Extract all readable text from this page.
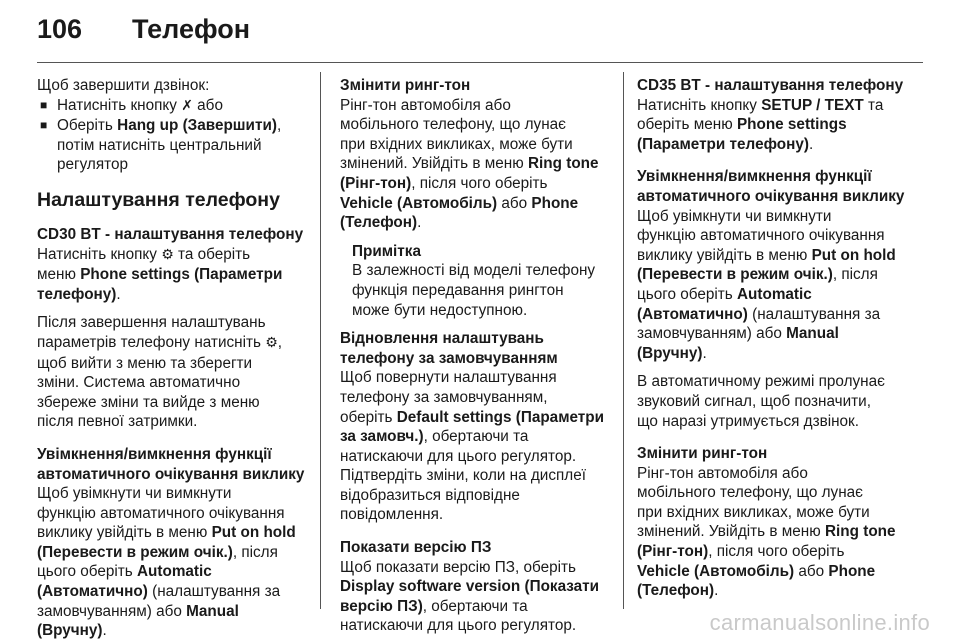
106 Телефон

Щоб завершити дзвінок:

■ Натисніть кнопку ✗ або

■ Оберіть Hang up (Завершити),
потім натисніть центральний
регулятор

Налаштування телефону

CD30 BT - налаштування телефону

Натисніть кнопку ⚙ та оберіть
меню Phone settings (Параметри
телефону).

Після завершення налаштувань
параметрів телефону натисніть ⚙,
щоб вийти з меню та зберегти
зміни. Система автоматично
збереже зміни та вийде з меню
після певної затримки.

Увімкнення/вимкнення функції
автоматичного очікування виклику

Щоб увімкнути чи вимкнути
функцію автоматичного очікування
виклику увійдіть в меню Put on hold
(Перевести в режим очік.), після
цього оберіть Automatic
(Автоматично) (налаштування за
замовчуванням) або Manual
(Вручну).

Змінити ринг-тон

Рінг-тон автомобіля або
мобільного телефону, що лунає
при вхідних викликах, може бути
змінений. Увійдіть в меню Ring tone
(Рінг-тон), після чого оберіть
Vehicle (Автомобіль) або Phone
(Телефон).

Примітка

В залежності від моделі телефону
функція передавання рингтон
може бути недоступною.

Відновлення налаштувань
телефону за замовчуванням

Щоб повернути налаштування
телефону за замовчуванням,
оберіть Default settings (Параметри
за замовч.), обертаючи та
натискаючи для цього регулятор.
Підтвердіть зміни, коли на дисплеї
відобразиться відповідне
повідомлення.

Показати версію ПЗ

Щоб показати версію ПЗ, оберіть
Display software version (Показати
версію ПЗ), обертаючи та
натискаючи для цього регулятор.

CD35 BT - налаштування телефону

Натисніть кнопку SETUP / TEXT та
оберіть меню Phone settings
(Параметри телефону).

Увімкнення/вимкнення функції
автоматичного очікування виклику

Щоб увімкнути чи вимкнути
функцію автоматичного очікування
виклику увійдіть в меню Put on hold
(Перевести в режим очік.), після
цього оберіть Automatic
(Автоматично) (налаштування за
замовчуванням) або Manual
(Вручну).

В автоматичному режимі пролунає
звуковий сигнал, щоб позначити,
що наразі утримується дзвінок.

Змінити ринг-тон

Рінг-тон автомобіля або
мобільного телефону, що лунає
при вхідних викликах, може бути
змінений. Увійдіть в меню Ring tone
(Рінг-тон), після чого оберіть
Vehicle (Автомобіль) або Phone
(Телефон).

carmanualsonline.info
